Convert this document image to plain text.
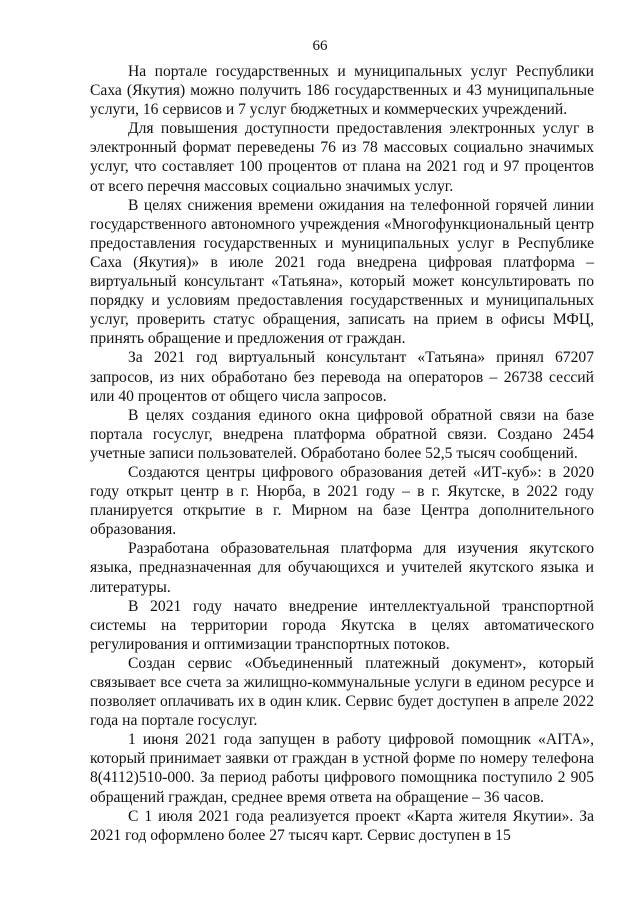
66

На портале государственных и муниципальных услуг Республики Саха (Якутия) можно получить 186 государственных и 43 муниципальные услуги, 16 сервисов и 7 услуг бюджетных и коммерческих учреждений.

Для повышения доступности предоставления электронных услуг в электронный формат переведены 76 из 78 массовых социально значимых услуг, что составляет 100 процентов от плана на 2021 год и 97 процентов от всего перечня массовых социально значимых услуг.

В целях снижения времени ожидания на телефонной горячей линии государственного автономного учреждения «Многофункциональный центр предоставления государственных и муниципальных услуг в Республике Саха (Якутия)» в июле 2021 года внедрена цифровая платформа – виртуальный консультант «Татьяна», который может консультировать по порядку и условиям предоставления государственных и муниципальных услуг, проверить статус обращения, записать на прием в офисы МФЦ, принять обращение и предложения от граждан.

За 2021 год виртуальный консультант «Татьяна» принял 67207 запросов, из них обработано без перевода на операторов – 26738 сессий или 40 процентов от общего числа запросов.

В целях создания единого окна цифровой обратной связи на базе портала госуслуг, внедрена платформа обратной связи. Создано 2454 учетные записи пользователей. Обработано более 52,5 тысяч сообщений.

Создаются центры цифрового образования детей «ИТ-куб»: в 2020 году открыт центр в г. Нюрба, в 2021 году – в г. Якутске, в 2022 году планируется открытие в г. Мирном на базе Центра дополнительного образования.

Разработана образовательная платформа для изучения якутского языка, предназначенная для обучающихся и учителей якутского языка и литературы.

В 2021 году начато внедрение интеллектуальной транспортной системы на территории города Якутска в целях автоматического регулирования и оптимизации транспортных потоков.

Создан сервис «Объединенный платежный документ», который связывает все счета за жилищно-коммунальные услуги в едином ресурсе и позволяет оплачивать их в один клик. Сервис будет доступен в апреле 2022 года на портале госуслуг.

1 июня 2021 года запущен в работу цифровой помощник «АІТА», который принимает заявки от граждан в устной форме по номеру телефона 8(4112)510-000. За период работы цифрового помощника поступило 2 905 обращений граждан, среднее время ответа на обращение – 36 часов.

С 1 июля 2021 года реализуется проект «Карта жителя Якутии». За 2021 год оформлено более 27 тысяч карт. Сервис доступен в 15
